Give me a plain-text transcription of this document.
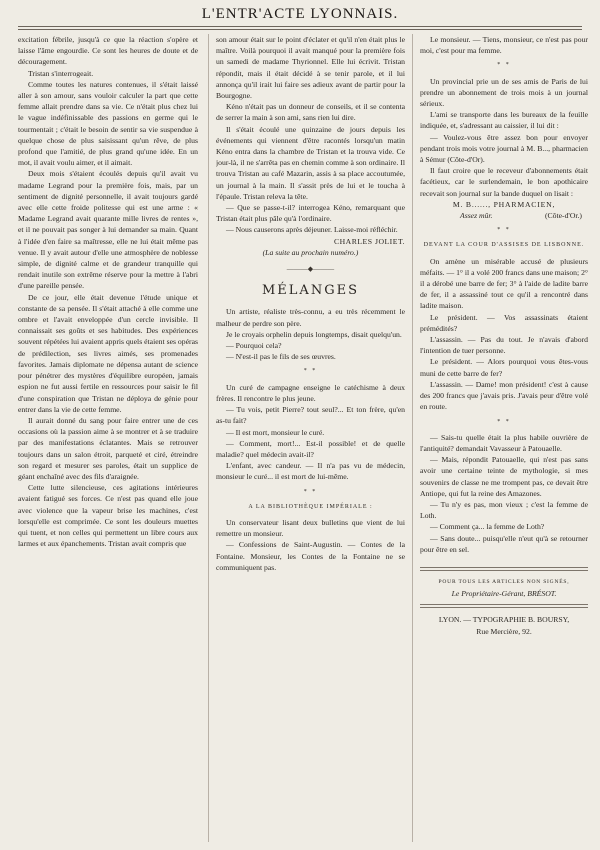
L'ENTR'ACTE LYONNAIS.

excitation fébrile, jusqu'à ce que la réaction s'opère et laisse l'âme engourdie. Ce sont les heures de doute et de découragement.

Tristan s'interrogeait.

Comme toutes les natures contenues, il s'était laissé aller à son amour, sans vouloir calculer la part que cette femme allait prendre dans sa vie. Ce n'était plus chez lui le vague indéfinissable des passions en germe qui le tourmentait ; c'était le besoin de sentir sa vie suspendue à quelque chose de plus saisissant qu'un rêve, de plus profond que l'amitié, de plus grand qu'une idée. En un mot, il avait voulu aimer, et il aimait.

Deux mois s'étaient écoulés depuis qu'il avait vu madame Legrand pour la première fois, mais, par un sentiment de dignité personnelle, il avait toujours gardé avec elle cette froide politesse qui est une arme : « Madame Legrand avait quarante mille livres de rentes », et il ne pouvait pas songer à lui demander sa main. Quant à l'idée d'en faire sa maîtresse, elle ne lui était même pas venue. Il y avait autour d'elle une atmosphère de noblesse simple, de dignité calme et de grandeur tranquille qui rendait inutile son extrême réserve pour la mettre à l'abri d'une pareille pensée.

De ce jour, elle était devenue l'étude unique et constante de sa pensée. Il s'était attaché à elle comme une ombre et l'avait enveloppée d'un cercle invisible. Il connaissait ses goûts et ses habitudes. Des expériences souvent répétées lui avaient appris quels étaient ses opéras de prédilection, ses livres aimés, ses promenades favorites. Jamais diplomate ne dépensa autant de science pour pénétrer des mystères d'équilibre européen, jamais espion ne fut aussi fertile en ressources pour saisir le fil d'une conspiration que Tristan ne déploya de génie pour entrer dans la vie de cette femme.

Il aurait donné du sang pour faire entrer une de ces occasions où la passion aime à se montrer et à se traduire par des manifestations éclatantes. Mais se retrouver toujours dans un salon étroit, parqueté et ciré, étreindre son regard et mesurer ses paroles, était un supplice de géant enchaîné avec des fils d'araignée.

Cette lutte silencieuse, ces agitations intérieures avaient fatigué ses forces. Ce n'est pas quand elle joue avec violence que la vapeur brise les machines, c'est lorsqu'elle est comprimée. Ce sont les douleurs muettes qui tuent, et non celles qui permettent un libre cours aux larmes et aux épanchements. Tristan avait compris que

son amour était sur le point d'éclater et qu'il n'en était plus le maître. Voilà pourquoi il avait manqué pour la première fois un samedi de madame Thyrionnel. Elle lui écrivit. Tristan répondit, mais il était décidé à se tenir parole, et il lui annonça qu'il irait lui faire ses adieux avant de partir pour la Bourgogne.

Kéno n'était pas un donneur de conseils, et il se contenta de serrer la main à son ami, sans rien lui dire.

Il s'était écoulé une quinzaine de jours depuis les événements qui viennent d'être racontés lorsqu'un matin Kéno entra dans la chambre de Tristan et la trouva vide. Ce jour-là, il ne s'arrêta pas en chemin comme à son ordinaire. Il trouva Tristan au café Mazarin, assis à sa place accoutumée, un journal à la main. Il s'assit près de lui et le toucha à l'épaule. Tristan releva la tête.

— Que se passe-t-il? interrogea Kéno, remarquant que Tristan était plus pâle qu'à l'ordinaire.

— Nous causerons après déjeuner. Laisse-moi réfléchir.

CHARLES JOLIET.

(La suite au prochain numéro.)

―――◆―――
MÉLANGES

Un artiste, réaliste très-connu, a eu très récemment le malheur de perdre son père.

Je le croyais orphelin depuis longtemps, disait quelqu'un.

— Pourquoi cela?

— N'est-il pas le fils de ses œuvres.

* *

Un curé de campagne enseigne le catéchisme à deux frères. Il rencontre le plus jeune.

— Tu vois, petit Pierre? tout seul?... Et ton frère, qu'en as-tu fait?

— Il est mort, monsieur le curé.

— Comment, mort!... Est-il possible! et de quelle maladie? quel médecin avait-il?

L'enfant, avec candeur. — Il n'a pas vu de médecin, monsieur le curé... il est mort de lui-même.

* *
A LA BIBLIOTHÈQUE IMPÉRIALE :

Un conservateur lisant deux bulletins que vient de lui remettre un monsieur.

— Confessions de Saint-Augustin. — Contes de la Fontaine. Monsieur, les Contes de la Fontaine ne se communiquent pas.

Le monsieur. — Tiens, monsieur, ce n'est pas pour moi, c'est pour ma femme.

* *

Un provincial prie un de ses amis de Paris de lui prendre un abonnement de trois mois à un journal sérieux.

L'ami se transporte dans les bureaux de la feuille indiquée, et, s'adressant au caissier, il lui dit :

— Voulez-vous être assez bon pour envoyer pendant trois mois votre journal à M. B..., pharmacien à Sémur (Côte-d'Or).

Il faut croire que le receveur d'abonnements était facétieux, car le surlendemain, le bon apothicaire recevait son journal sur la bande duquel on lisait :

M. B......, PHARMACIEN,
Assez mûr.	(Côte-d'Or.)
* *
DEVANT LA COUR D'ASSISES DE LISBONNE.

On amène un misérable accusé de plusieurs méfaits. — 1° il a volé 200 francs dans une maison; 2° il a dérobé une barre de fer; 3° à l'aide de ladite barre de fer, il a assassiné tout ce qu'il a rencontré dans ladite maison.

Le président. — Vos assassinats étaient prémédités?

L'assassin. — Pas du tout. Je n'avais d'abord l'intention de tuer personne.

Le président. — Alors pourquoi vous êtes-vous muni de cette barre de fer?

L'assassin. — Dame! mon président! c'est à cause des 200 francs que j'avais pris. J'avais peur d'être volé en route.

* *

— Sais-tu quelle était la plus habile ouvrière de l'antiquité? demandait Vavasseur à Patouaelle.

— Mais, répondit Patouaelle, qui n'est pas sans avoir une certaine teinte de mythologie, si mes souvenirs de classe ne me trompent pas, ce devait être Antiope, qui fut la reine des Amazones.

— Tu n'y es pas, mon vieux ; c'est la femme de Loth.

— Comment ça... la femme de Loth?

— Sans doute... puisqu'elle n'eut qu'à se retourner pour être en sel.

POUR TOUS LES ARTICLES NON SIGNÉS,
Le Propriétaire-Gérant, BRÉSOT.
LYON. — TYPOGRAPHIE B. BOURSY,
Rue Mercière, 92.
